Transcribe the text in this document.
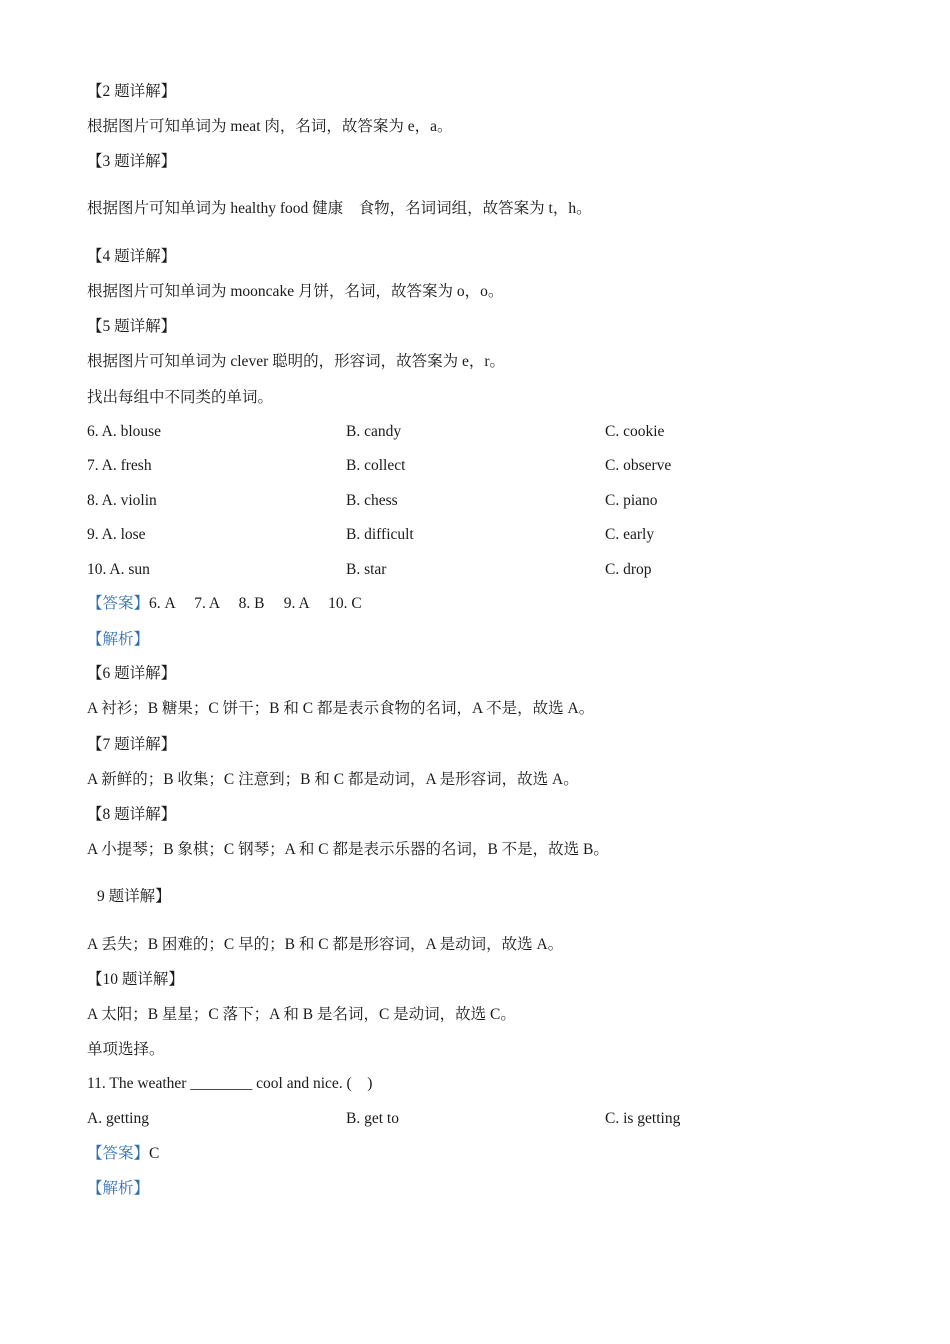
【2 题详解】
根据图片可知单词为 meat 肉，名词，故答案为 e，a。
【3 题详解】
根据图片可知单词为 healthy food 健康　食物，名词词组，故答案为 t，h。
【4 题详解】
根据图片可知单词为 mooncake 月饼，名词，故答案为 o，o。
【5 题详解】
根据图片可知单词为 clever 聪明的，形容词，故答案为 e，r。
找出每组中不同类的单词。
6. A. blouse	B. candy	C. cookie
7. A. fresh	B. collect	C. observe
8. A. violin	B. chess	C. piano
9. A. lose	B. difficult	C. early
10. A. sun	B. star	C. drop
【答案】6. A　 7. A　 8. B　 9. A　 10. C
【解析】
【6 题详解】
A 衬衫；B 糖果；C 饼干；B 和 C 都是表示食物的名词，A 不是，故选 A。
【7 题详解】
A 新鲜的；B 收集；C 注意到；B 和 C 都是动词，A 是形容词，故选 A。
【8 题详解】
A 小提琴；B 象棋；C 钢琴；A 和 C 都是表示乐器的名词，B 不是，故选 B。
9 题详解】
A 丢失；B 困难的；C 早的；B 和 C 都是形容词，A 是动词，故选 A。
【10 题详解】
A 太阳；B 星星；C 落下；A 和 B 是名词，C 是动词，故选 C。
单项选择。
11. The weather ________ cool and nice. (　)
A. getting	B. get to	C. is getting
【答案】C
【解析】
